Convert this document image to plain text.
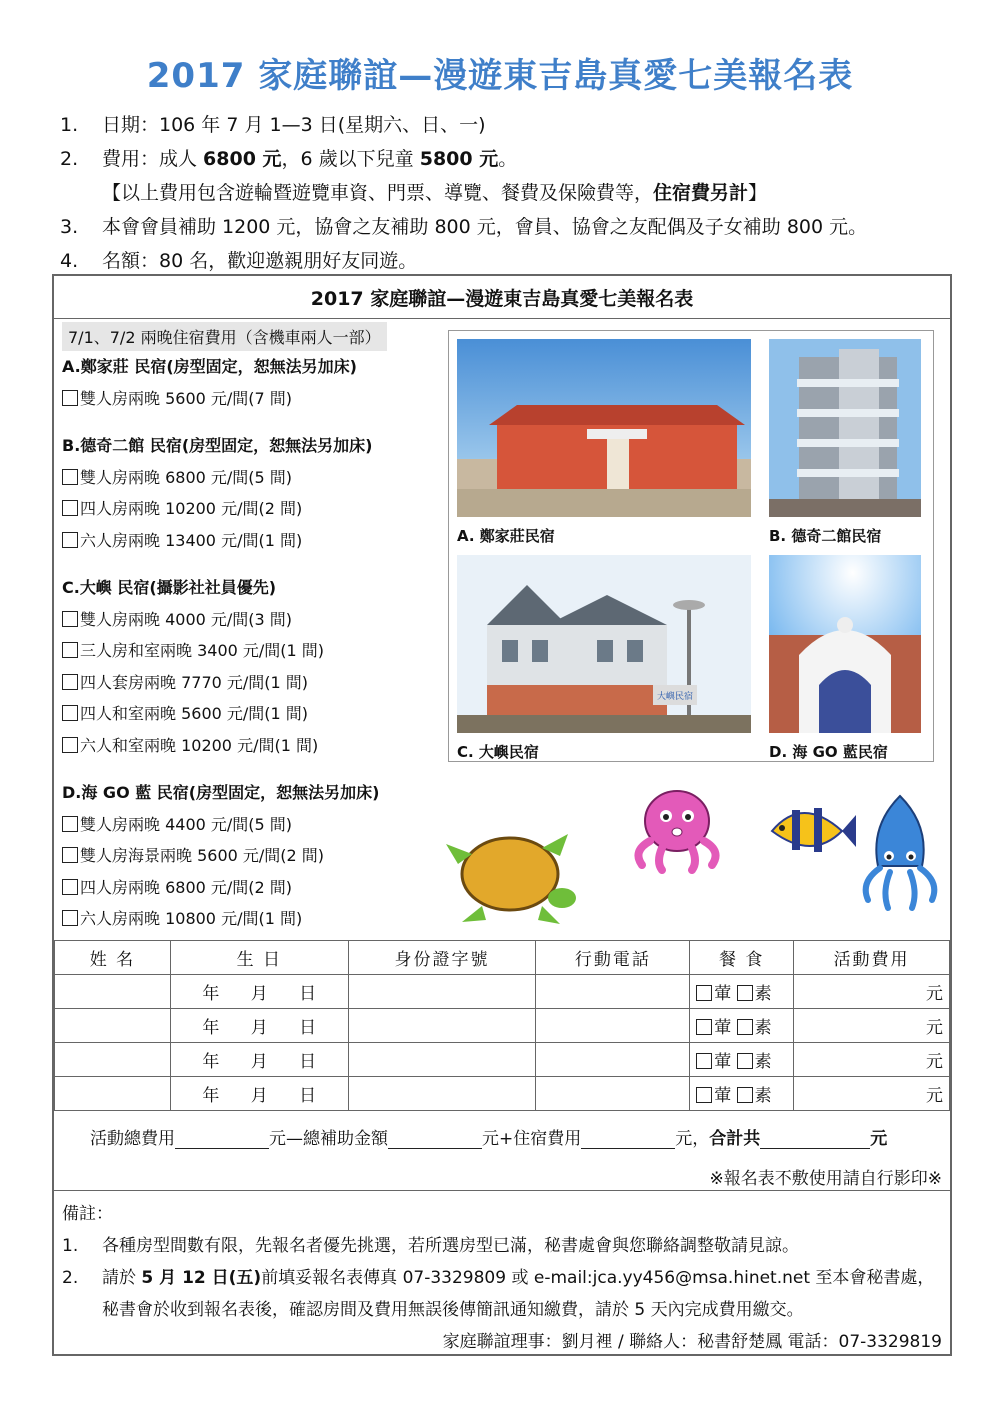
2017 家庭聯誼—漫遊東吉島真愛七美報名表
1.	日期：106 年 7 月 1—3 日(星期六、日、一)
2.	費用：成人 6800 元，6 歲以下兒童 5800 元。
【以上費用包含遊輪暨遊覽車資、門票、導覽、餐費及保險費等，住宿費另計】
3.	本會會員補助 1200 元，協會之友補助 800 元，會員、協會之友配偶及子女補助 800 元。
4.	名額：80 名，歡迎邀親朋好友同遊。
2017 家庭聯誼—漫遊東吉島真愛七美報名表
7/1、7/2 兩晚住宿費用（含機車兩人一部）
A.鄭家莊 民宿(房型固定，恕無法另加床)
雙人房兩晚 5600 元/間(7 間)
B.德奇二館 民宿(房型固定，恕無法另加床)
雙人房兩晚 6800 元/間(5 間)
四人房兩晚 10200 元/間(2 間)
六人房兩晚 13400 元/間(1 間)
C.大嶼 民宿(攝影社社員優先)
雙人房兩晚 4000 元/間(3 間)
三人房和室兩晚 3400 元/間(1 間)
四人套房兩晚 7770 元/間(1 間)
四人和室兩晚 5600 元/間(1 間)
六人和室兩晚 10200 元/間(1 間)
D.海 GO 藍 民宿(房型固定，恕無法另加床)
雙人房兩晚 4400 元/間(5 間)
雙人房海景兩晚 5600 元/間(2 間)
四人房兩晚 6800 元/間(2 間)
六人房兩晚 10800 元/間(1 間)
A. 鄭家莊民宿	B. 德奇二館民宿
大嶼民宿
C. 大嶼民宿	D. 海 GO 藍民宿
姓 名	生 日	身份證字號	行動電話	餐 食	活動費用
	年 月 日			葷 素	元
	年 月 日			葷 素	元
	年 月 日			葷 素	元
	年 月 日			葷 素	元
活動總費用	元—總補助金額	元+住宿費用	元，合計共	元
※報名表不敷使用請自行影印※
備註：
1.	各種房型間數有限，先報名者優先挑選，若所選房型已滿，秘書處會與您聯絡調整敬請見諒。
2.	請於 5 月 12 日(五)前填妥報名表傳真 07-3329809 或 e-mail:jca.yy456@msa.hinet.net 至本會秘書處，
秘書會於收到報名表後，確認房間及費用無誤後傳簡訊通知繳費，請於 5 天內完成費用繳交。
家庭聯誼理事：劉月裡 / 聯絡人：秘書舒楚鳳 電話：07-3329819
